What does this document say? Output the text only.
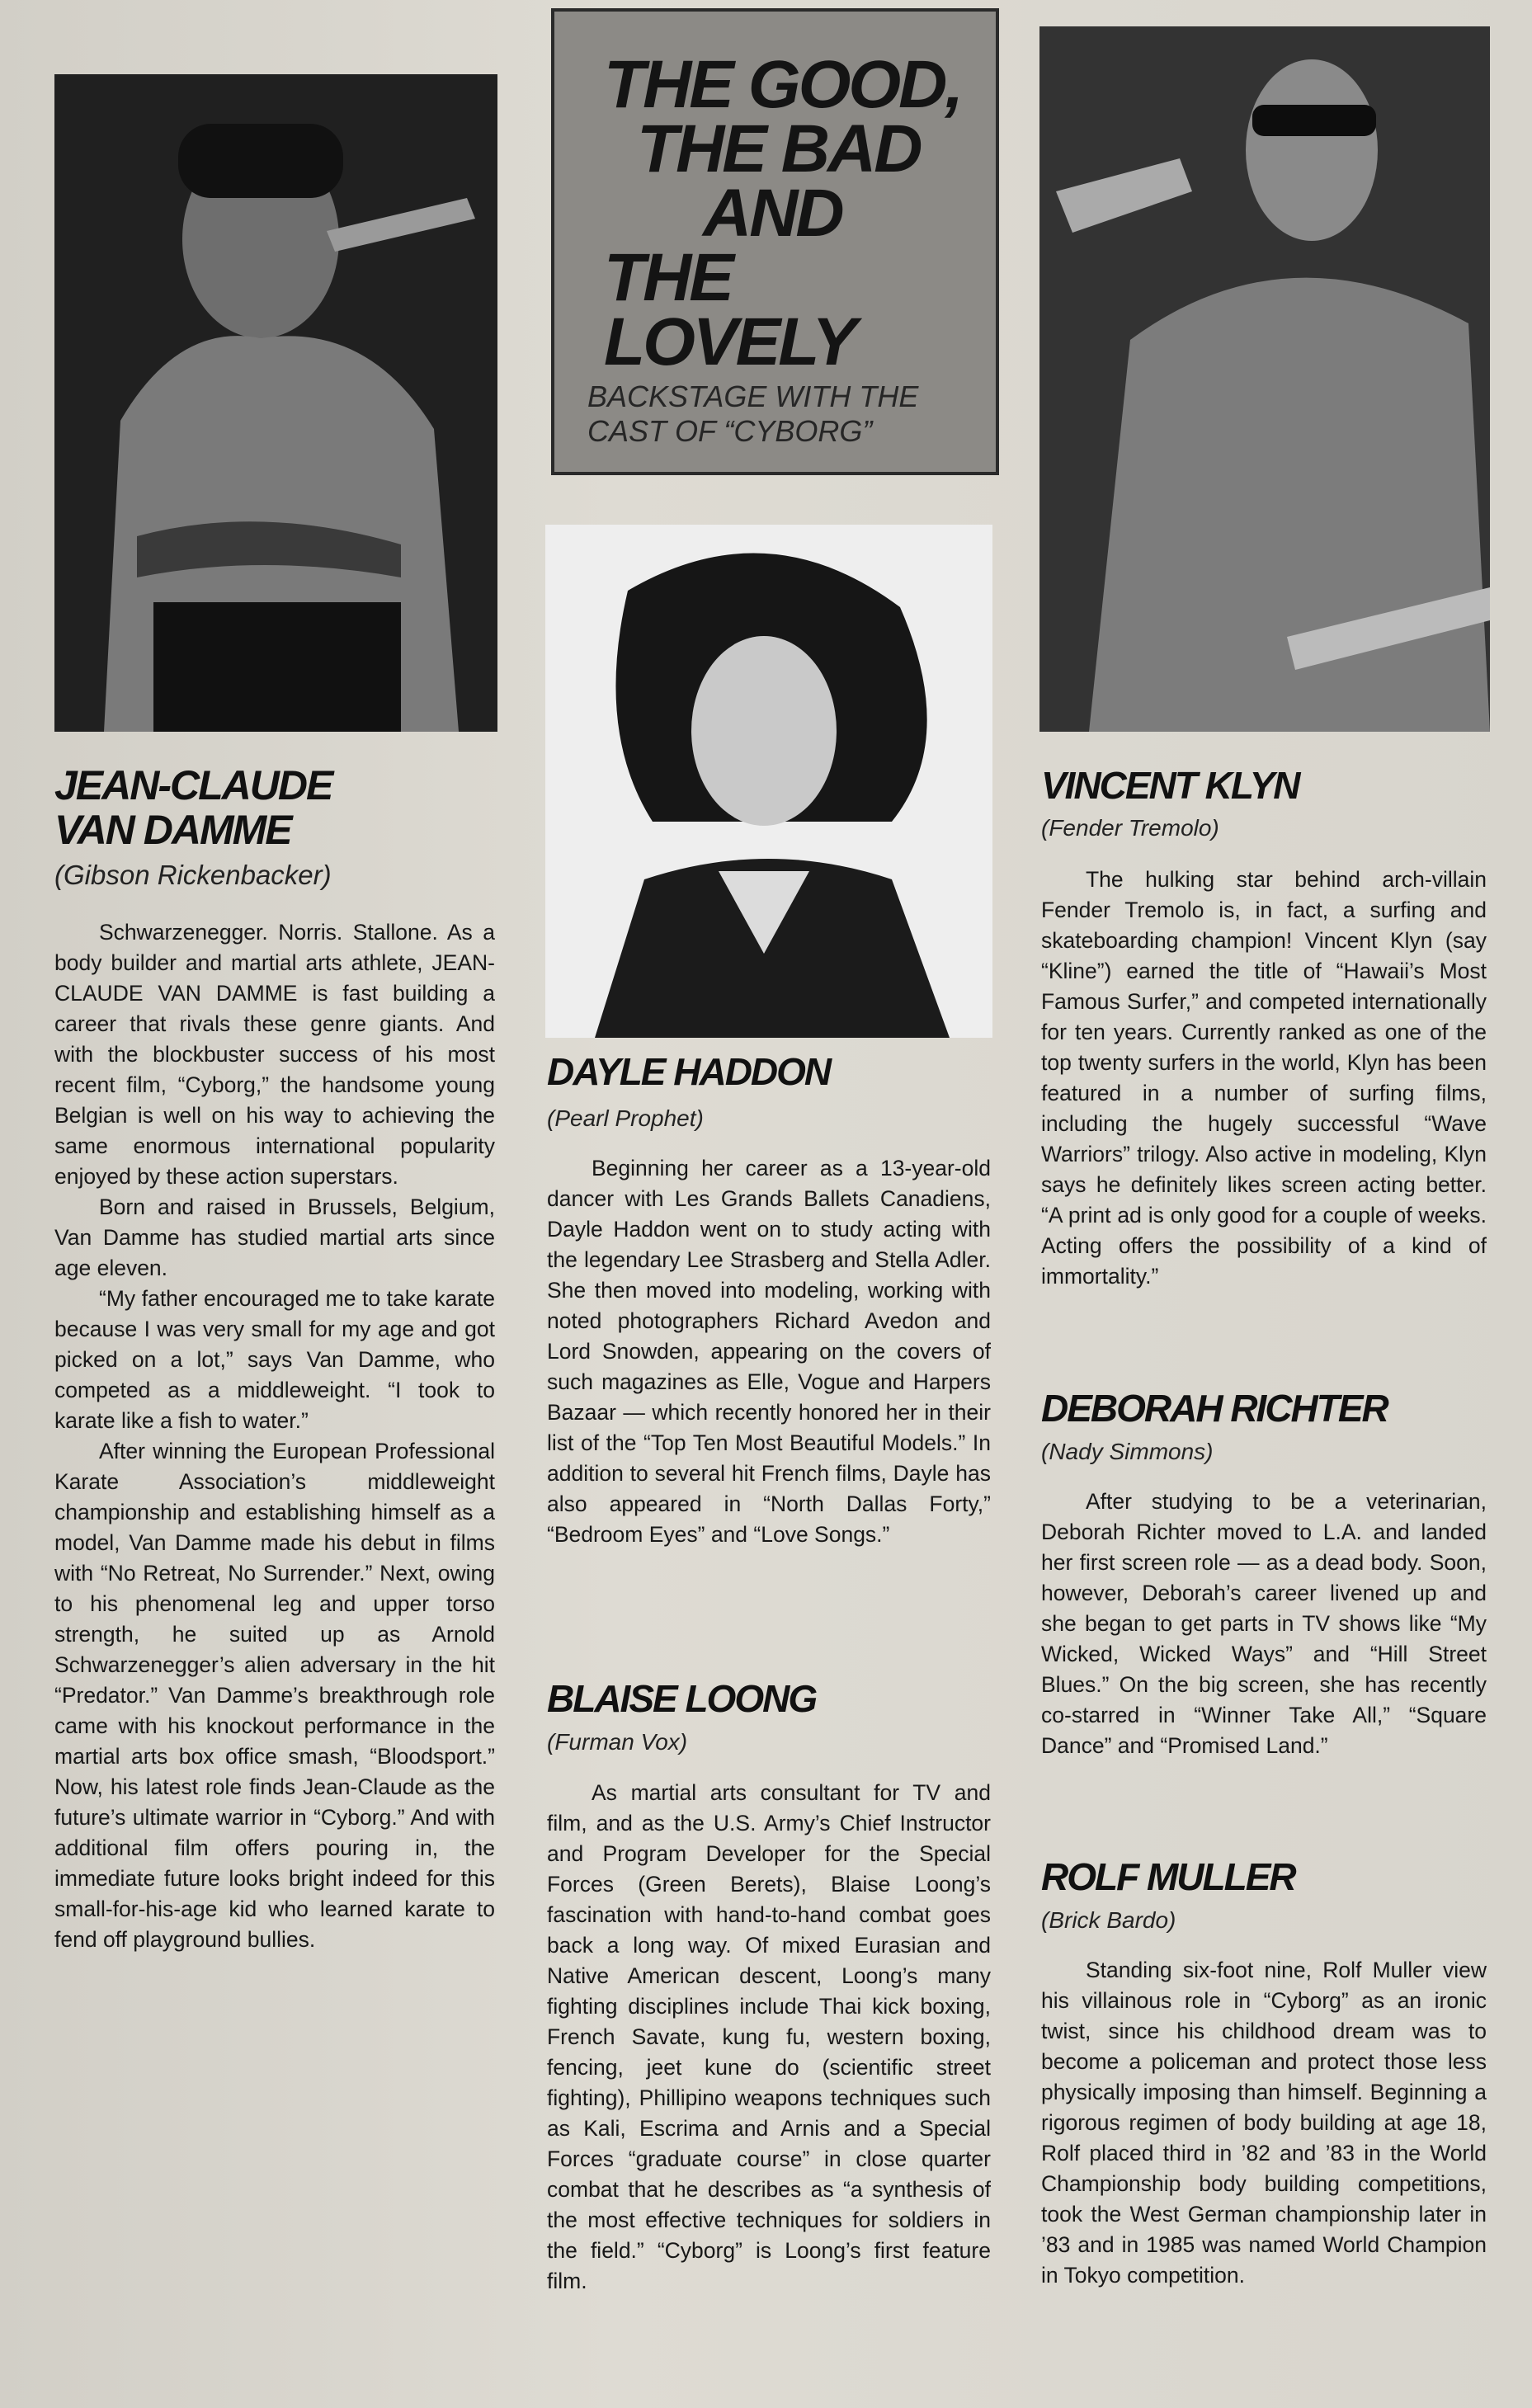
THE GOOD,
THE BAD
AND
THE LOVELY
BACKSTAGE WITH THE
CAST OF “CYBORG”
JEAN-CLAUDE
VAN DAMME
(Gibson Rickenbacker)

Schwarzenegger. Norris. Stallone. As a body builder and martial arts athlete, JEAN-CLAUDE VAN DAMME is fast building a career that rivals these genre giants. And with the blockbuster success of his most recent film, “Cyborg,” the handsome young Belgian is well on his way to achieving the same enormous international popularity enjoyed by these action superstars.

Born and raised in Brussels, Belgium, Van Damme has studied martial arts since age eleven.

“My father encouraged me to take karate because I was very small for my age and got picked on a lot,” says Van Damme, who competed as a middleweight. “I took to karate like a fish to water.”

After winning the European Professional Karate Association’s middleweight championship and establishing himself as a model, Van Damme made his debut in films with “No Retreat, No Surrender.” Next, owing to his phenomenal leg and upper torso strength, he suited up as Arnold Schwarzenegger’s alien adversary in the hit “Predator.” Van Damme’s breakthrough role came with his knockout performance in the martial arts box office smash, “Bloodsport.” Now, his latest role finds Jean-Claude as the future’s ultimate warrior in “Cyborg.” And with additional film offers pouring in, the immediate future looks bright indeed for this small-for-his-age kid who learned karate to fend off playground bullies.

DAYLE HADDON
(Pearl Prophet)

Beginning her career as a 13-year-old dancer with Les Grands Ballets Canadiens, Dayle Haddon went on to study acting with the legendary Lee Strasberg and Stella Adler. She then moved into modeling, working with noted photographers Richard Avedon and Lord Snowden, appearing on the covers of such magazines as Elle, Vogue and Harpers Bazaar — which recently honored her in their list of the “Top Ten Most Beautiful Models.” In addition to several hit French films, Dayle has also appeared in “North Dallas Forty,” “Bedroom Eyes” and “Love Songs.”

BLAISE LOONG
(Furman Vox)

As martial arts consultant for TV and film, and as the U.S. Army’s Chief Instructor and Program Developer for the Special Forces (Green Berets), Blaise Loong’s fascination with hand-to-hand combat goes back a long way. Of mixed Eurasian and Native American descent, Loong’s many fighting disciplines include Thai kick boxing, French Savate, kung fu, western boxing, fencing, jeet kune do (scientific street fighting), Phillipino weapons techniques such as Kali, Escrima and Arnis and a Special Forces “graduate course” in close quarter combat that he describes as “a synthesis of the most effective techniques for soldiers in the field.” “Cyborg” is Loong’s first feature film.

VINCENT KLYN
(Fender Tremolo)

The hulking star behind arch-villain Fender Tremolo is, in fact, a surfing and skateboarding champion! Vincent Klyn (say “Kline”) earned the title of “Hawaii’s Most Famous Surfer,” and competed internationally for ten years. Currently ranked as one of the top twenty surfers in the world, Klyn has been featured in a number of surfing films, including the hugely successful “Wave Warriors” trilogy. Also active in modeling, Klyn says he definitely likes screen acting better. “A print ad is only good for a couple of weeks. Acting offers the possibility of a kind of immortality.”

DEBORAH RICHTER
(Nady Simmons)

After studying to be a veterinarian, Deborah Richter moved to L.A. and landed her first screen role — as a dead body. Soon, however, Deborah’s career livened up and she began to get parts in TV shows like “My Wicked, Wicked Ways” and “Hill Street Blues.” On the big screen, she has recently co-starred in “Winner Take All,” “Square Dance” and “Promised Land.”

ROLF MULLER
(Brick Bardo)

Standing six-foot nine, Rolf Muller view his villainous role in “Cyborg” as an ironic twist, since his childhood dream was to become a policeman and protect those less physically imposing than himself. Beginning a rigorous regimen of body building at age 18, Rolf placed third in ’82 and ’83 in the World Championship body building competitions, took the West German championship later in ’83 and in 1985 was named World Champion in Tokyo competition.
